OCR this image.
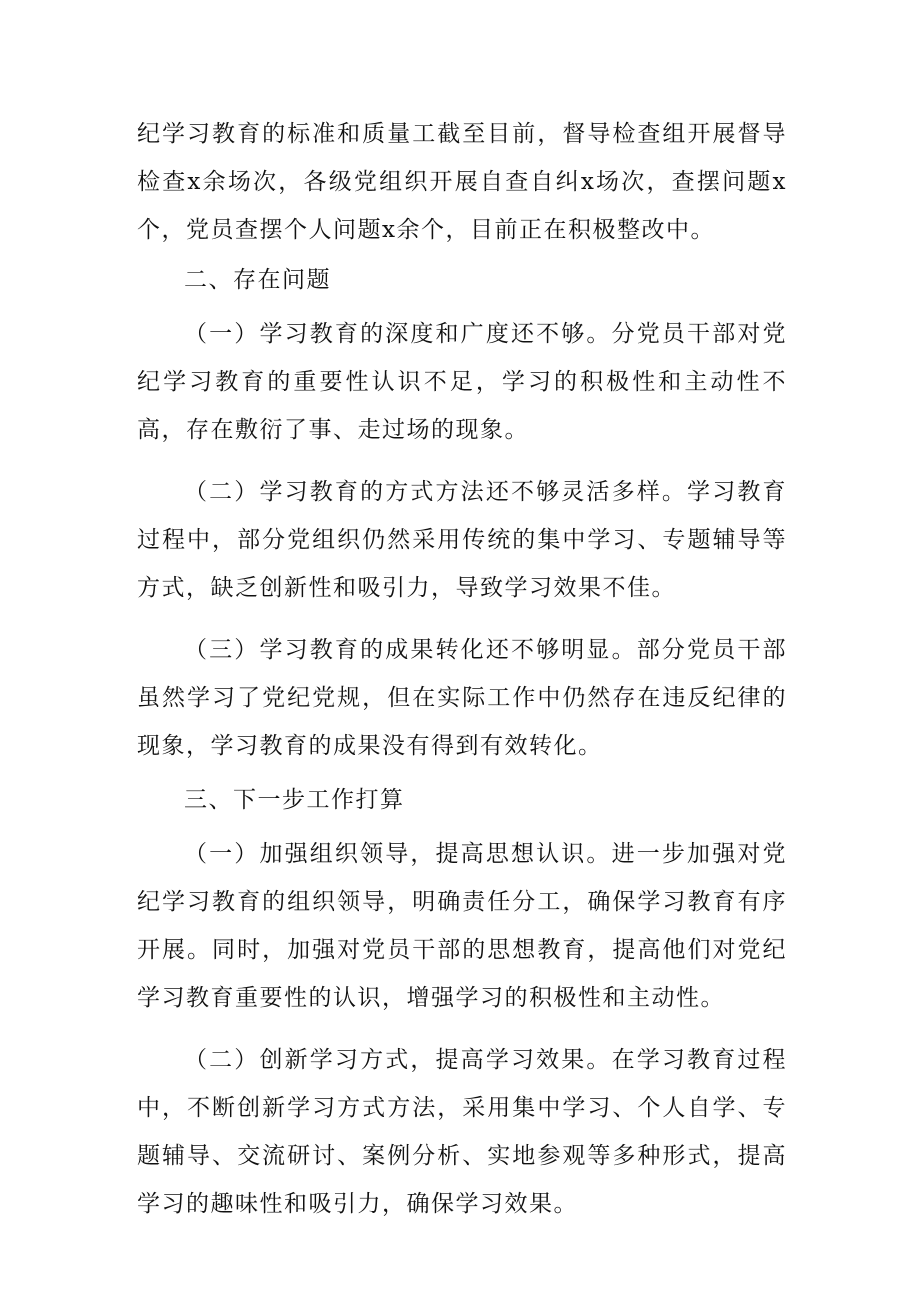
纪学习教育的标准和质量工截至目前，督导检查组开展督导检查x余场次，各级党组织开展自查自纠x场次，查摆问题x个，党员查摆个人问题x余个，目前正在积极整改中。

二、存在问题

（一）学习教育的深度和广度还不够。分党员干部对党纪学习教育的重要性认识不足，学习的积极性和主动性不高，存在敷衍了事、走过场的现象。

（二）学习教育的方式方法还不够灵活多样。学习教育过程中，部分党组织仍然采用传统的集中学习、专题辅导等方式，缺乏创新性和吸引力，导致学习效果不佳。

（三）学习教育的成果转化还不够明显。部分党员干部虽然学习了党纪党规，但在实际工作中仍然存在违反纪律的现象，学习教育的成果没有得到有效转化。

三、下一步工作打算

（一）加强组织领导，提高思想认识。进一步加强对党纪学习教育的组织领导，明确责任分工，确保学习教育有序开展。同时，加强对党员干部的思想教育，提高他们对党纪学习教育重要性的认识，增强学习的积极性和主动性。

（二）创新学习方式，提高学习效果。在学习教育过程中，不断创新学习方式方法，采用集中学习、个人自学、专题辅导、交流研讨、案例分析、实地参观等多种形式，提高学习的趣味性和吸引力，确保学习效果。
